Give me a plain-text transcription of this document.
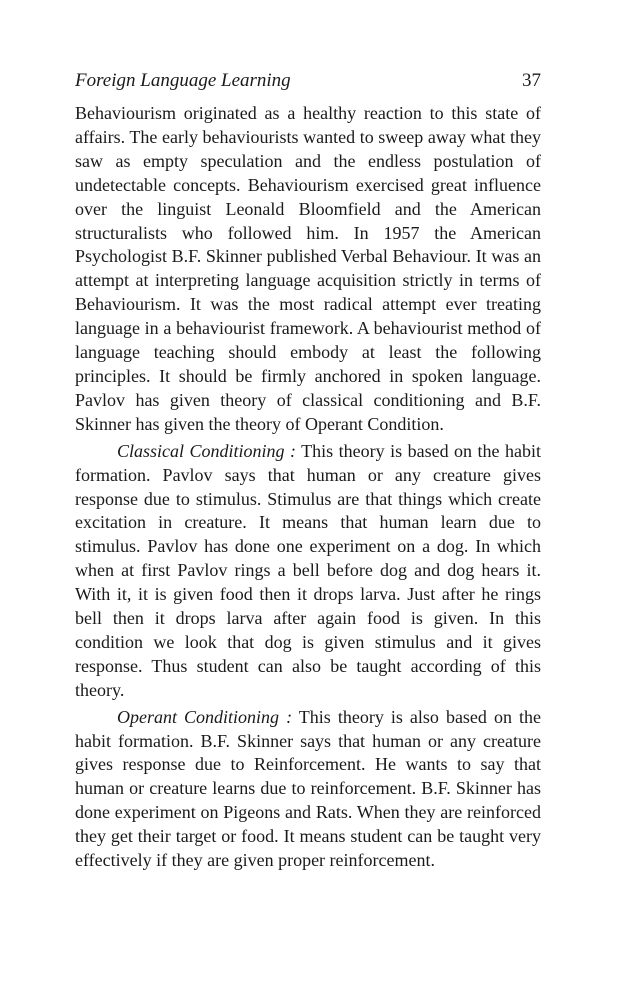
Foreign Language Learning	37

Behaviourism originated as a healthy reaction to this state of affairs. The early behaviourists wanted to sweep away what they saw as empty speculation and the endless postulation of undetectable concepts. Behaviourism exercised great influence over the linguist Leonald Bloomfield and the American structuralists who followed him. In 1957 the American Psychologist B.F. Skinner published Verbal Behaviour. It was an attempt at interpreting language acquisition strictly in terms of Behaviourism. It was the most radical attempt ever treating language in a behaviourist framework. A behaviourist method of language teaching should embody at least the following principles. It should be firmly anchored in spoken language. Pavlov has given theory of classical conditioning and B.F. Skinner has given the theory of Operant Condition.

Classical Conditioning : This theory is based on the habit formation. Pavlov says that human or any creature gives response due to stimulus. Stimulus are that things which create excitation in creature. It means that human learn due to stimulus. Pavlov has done one experiment on a dog. In which when at first Pavlov rings a bell before dog and dog hears it. With it, it is given food then it drops larva. Just after he rings bell then it drops larva after again food is given. In this condition we look that dog is given stimulus and it gives response. Thus student can also be taught according of this theory.

Operant Conditioning : This theory is also based on the habit formation. B.F. Skinner says that human or any creature gives response due to Reinforcement. He wants to say that human or creature learns due to reinforcement. B.F. Skinner has done experiment on Pigeons and Rats. When they are reinforced they get their target or food. It means student can be taught very effectively if they are given proper reinforcement.
